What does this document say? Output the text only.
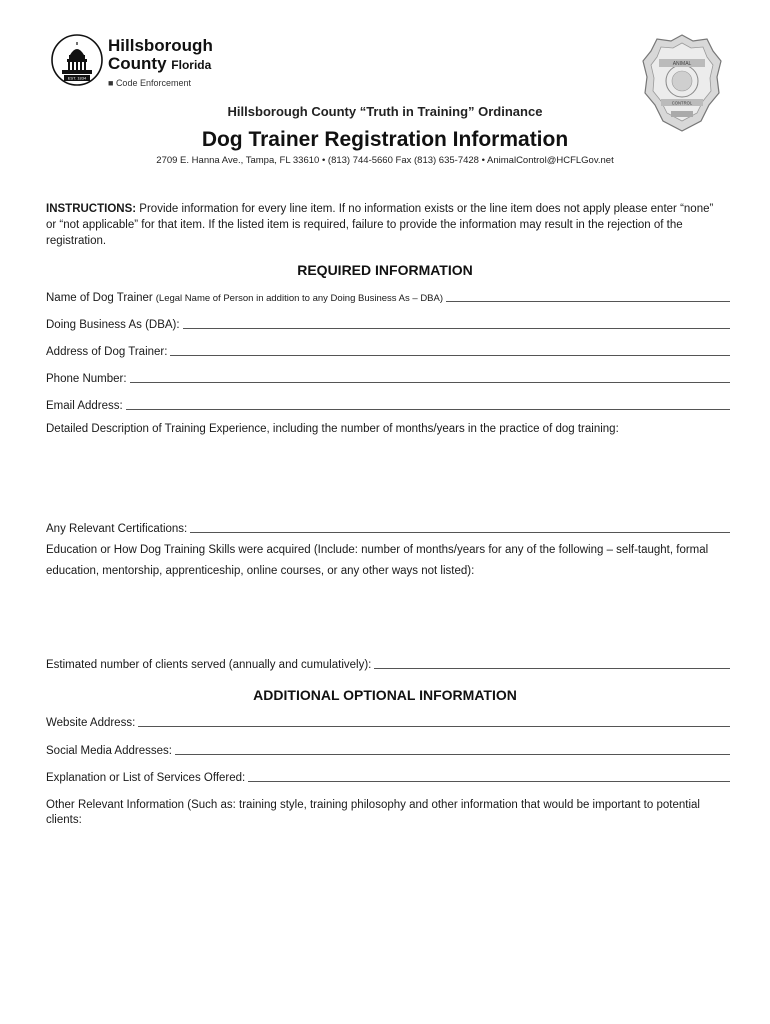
EST. 1834
Hillsborough
County Florida
■ Code Enforcement
ANIMAL
CONTROL
Hillsborough County “Truth in Training” Ordinance
Dog Trainer Registration Information
2709 E. Hanna Ave., Tampa, FL 33610 • (813) 744-5660 Fax (813) 635-7428 • AnimalControl@HCFLGov.net
INSTRUCTIONS: Provide information for every line item. If no information exists or the line item does not apply please enter “none” or “not applicable” for that item. If the listed item is required, failure to provide the information may result in the rejection of the registration.
REQUIRED INFORMATION
Name of Dog Trainer (Legal Name of Person in addition to any Doing Business As – DBA)
Doing Business As (DBA):
Address of Dog Trainer:
Phone Number:
Email Address:
Detailed Description of Training Experience, including the number of months/years in the practice of dog training:
Any Relevant Certifications:
Education or How Dog Training Skills were acquired (Include: number of months/years for any of the following – self-taught, formal education, mentorship, apprenticeship, online courses, or any other ways not listed):
Estimated number of clients served (annually and cumulatively):
ADDITIONAL OPTIONAL INFORMATION
Website Address:
Social Media Addresses:
Explanation or List of Services Offered:
Other Relevant Information (Such as: training style, training philosophy and other information that would be important to potential clients:
